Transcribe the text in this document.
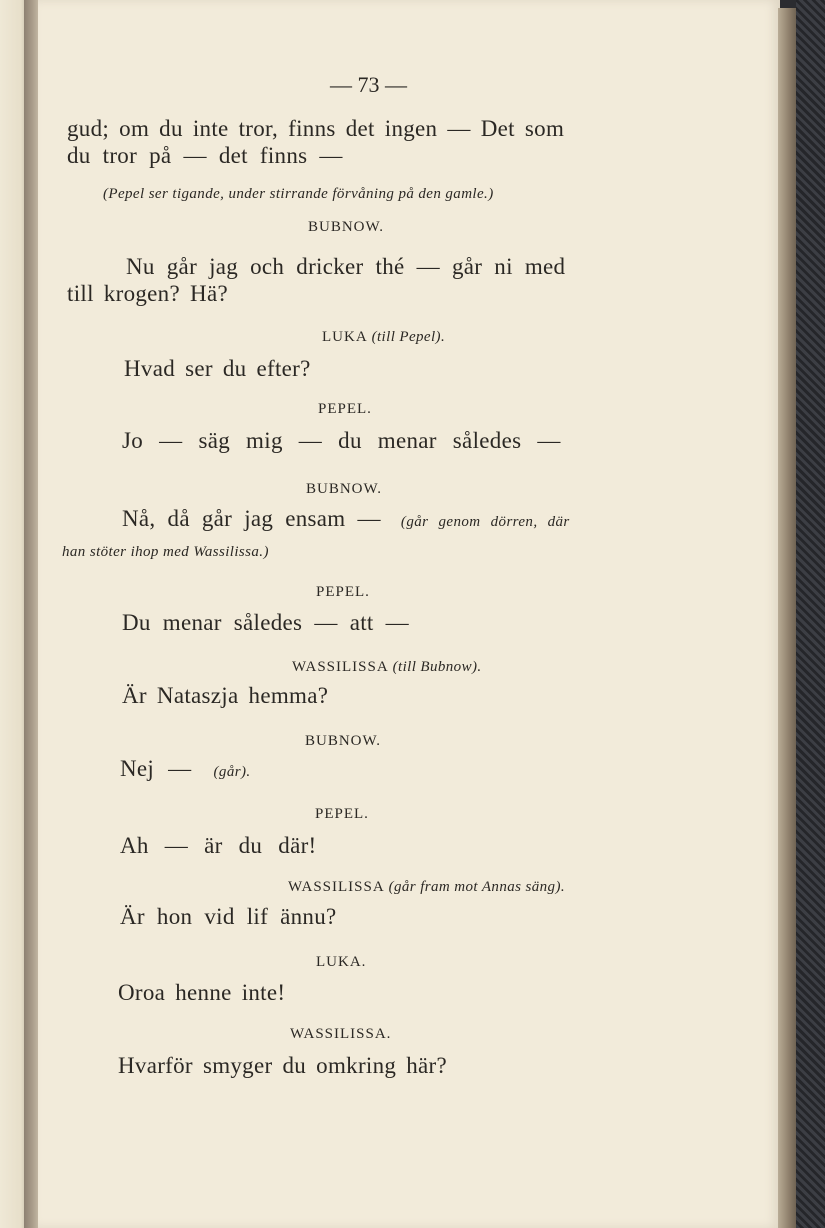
— 73 —
gud; om du inte tror, finns det ingen — Det som
du tror på — det finns —
(Pepel ser tigande, under stirrande förvåning på den gamle.)
BUBNOW.
Nu går jag och dricker thé — går ni med
till krogen? Hä?
LUKA (till Pepel).
Hvad ser du efter?
PEPEL.
Jo — säg mig — du menar således —
BUBNOW.
Nå, då går jag ensam — (går genom dörren, där
han stöter ihop med Wassilissa.)
PEPEL.
Du menar således — att —
WASSILISSA (till Bubnow).
Är Nataszja hemma?
BUBNOW.
Nej — (går).
PEPEL.
Ah — är du där!
WASSILISSA (går fram mot Annas säng).
Är hon vid lif ännu?
LUKA.
Oroa henne inte!
WASSILISSA.
Hvarför smyger du omkring här?
